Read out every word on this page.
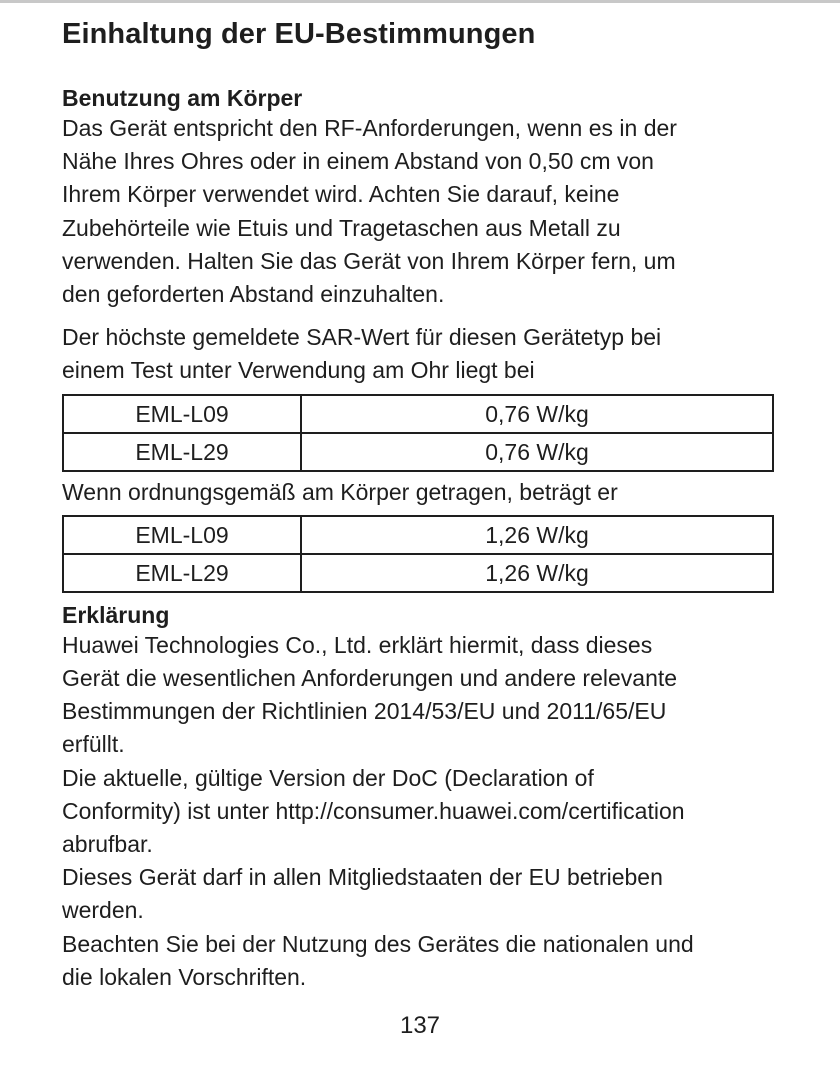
Einhaltung der EU-Bestimmungen
Benutzung am Körper

Das Gerät entspricht den RF-Anforderungen, wenn es in der
Nähe Ihres Ohres oder in einem Abstand von 0,50 cm von
Ihrem Körper verwendet wird. Achten Sie darauf, keine
Zubehörteile wie Etuis und Tragetaschen aus Metall zu
verwenden. Halten Sie das Gerät von Ihrem Körper fern, um
den geforderten Abstand einzuhalten.

Der höchste gemeldete SAR-Wert für diesen Gerätetyp bei
einem Test unter Verwendung am Ohr liegt bei

EML-L09	0,76 W/kg
EML-L29	0,76 W/kg

Wenn ordnungsgemäß am Körper getragen, beträgt er

EML-L09	1,26 W/kg
EML-L29	1,26 W/kg
Erklärung

Huawei Technologies Co., Ltd. erklärt hiermit, dass dieses
Gerät die wesentlichen Anforderungen und andere relevante
Bestimmungen der Richtlinien 2014/53/EU und 2011/65/EU
erfüllt.

Die aktuelle, gültige Version der DoC (Declaration of
Conformity) ist unter http://consumer.huawei.com/certification
abrufbar.

Dieses Gerät darf in allen Mitgliedstaaten der EU betrieben
werden.

Beachten Sie bei der Nutzung des Gerätes die nationalen und
die lokalen Vorschriften.

137
